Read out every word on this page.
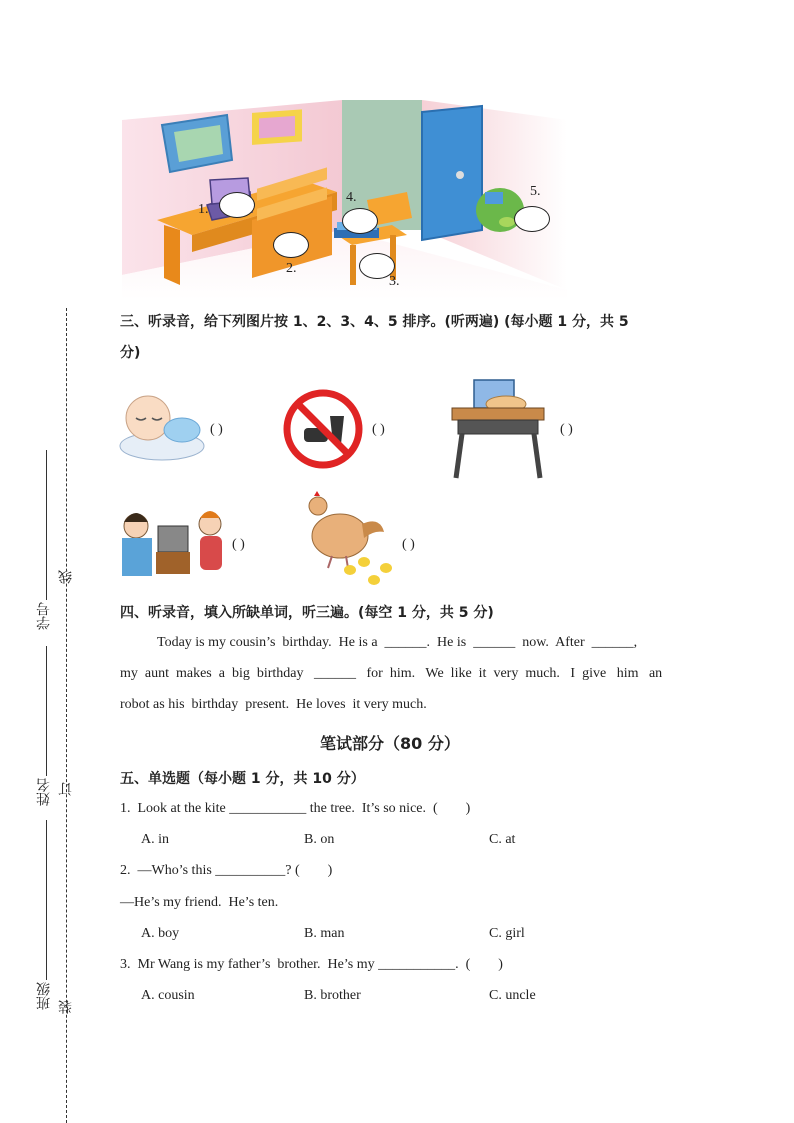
1.
2.
3.
4.	5.
三、听录音，给下列图片按 1、2、3、4、5 排序。(听两遍) (每小题 1 分，共 5
分)
( )	( )	( )
( )	( )
四、听录音，填入所缺单词，听三遍。(每空 1 分，共 5 分)
Today is my cousin’s  birthday.  He is a  ______.  He is  ______  now.  After  ______,
my  aunt  makes  a  big  birthday   ______   for  him.   We  like  it  very  much.   I  give   him   an
robot as his  birthday  present.  He loves  it very much.
笔试部分（80 分）
五、单选题（每小题 1 分，共 10 分）
1.  Look at the kite ___________ the tree.  It’s so nice.  (        )
A. in	B. on	C. at
2.  —Who’s this __________? (        )
—He’s my friend.  He’s ten.
A. boy	B. man	C. girl
3.  Mr Wang is my father’s  brother.  He’s my ___________.  (        )
A. cousin	B. brother	C. uncle
学号
线
姓名 订
班级 装
